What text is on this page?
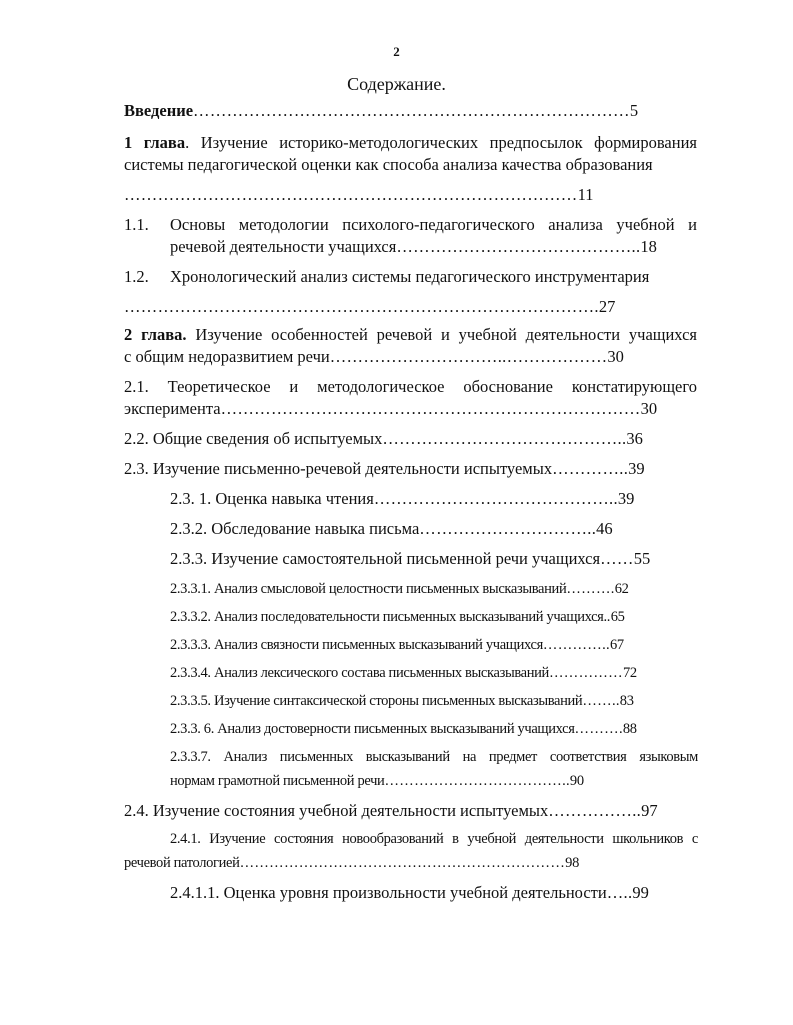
2
Содержание.
Введение……………………………………………………………………5
1 глава. Изучение историко-методологических предпосылок формирования
системы педагогической оценки как способа анализа качества образования
………………………………………………………………………11
1.1. Основы методологии психолого-педагогического анализа учебной и
речевой деятельности учащихся……………………………………..18
1.2. Хронологический анализ системы педагогического инструментария
………………………………………………………………………….27
2 глава. Изучение особенностей речевой и учебной деятельности учащихся
с общим недоразвитием речи…………………………..………………30
2.1. Теоретическое и методологическое обоснование констатирующего
эксперимента…………………………………………………………………30
2.2. Общие сведения об испытуемых……………………………………..36
2.3. Изучение письменно-речевой деятельности испытуемых…………..39
2.3. 1. Оценка навыка чтения……………………………………..39
2.3.2. Обследование навыка письма…………………………..46
2.3.3. Изучение самостоятельной письменной речи учащихся……55
2.3.3.1. Анализ смысловой целостности письменных высказываний……….62
2.3.3.2. Анализ последовательности письменных высказываний учащихся..65
2.3.3.3. Анализ связности письменных высказываний учащихся…………..67
2.3.3.4. Анализ лексического состава письменных высказываний……………72
2.3.3.5. Изучение синтаксической стороны письменных высказываний……..83
2.3.3. 6. Анализ достоверности письменных высказываний учащихся……….88
2.3.3.7. Анализ письменных высказываний на предмет соответствия языковым
нормам грамотной письменной речи………………………………..90
2.4. Изучение состояния учебной деятельности испытуемых……………..97
2.4.1. Изучение состояния новообразований в учебной деятельности школьников с
речевой патологией…………………………………………………………98
2.4.1.1. Оценка уровня произвольности учебной деятельности…..99
